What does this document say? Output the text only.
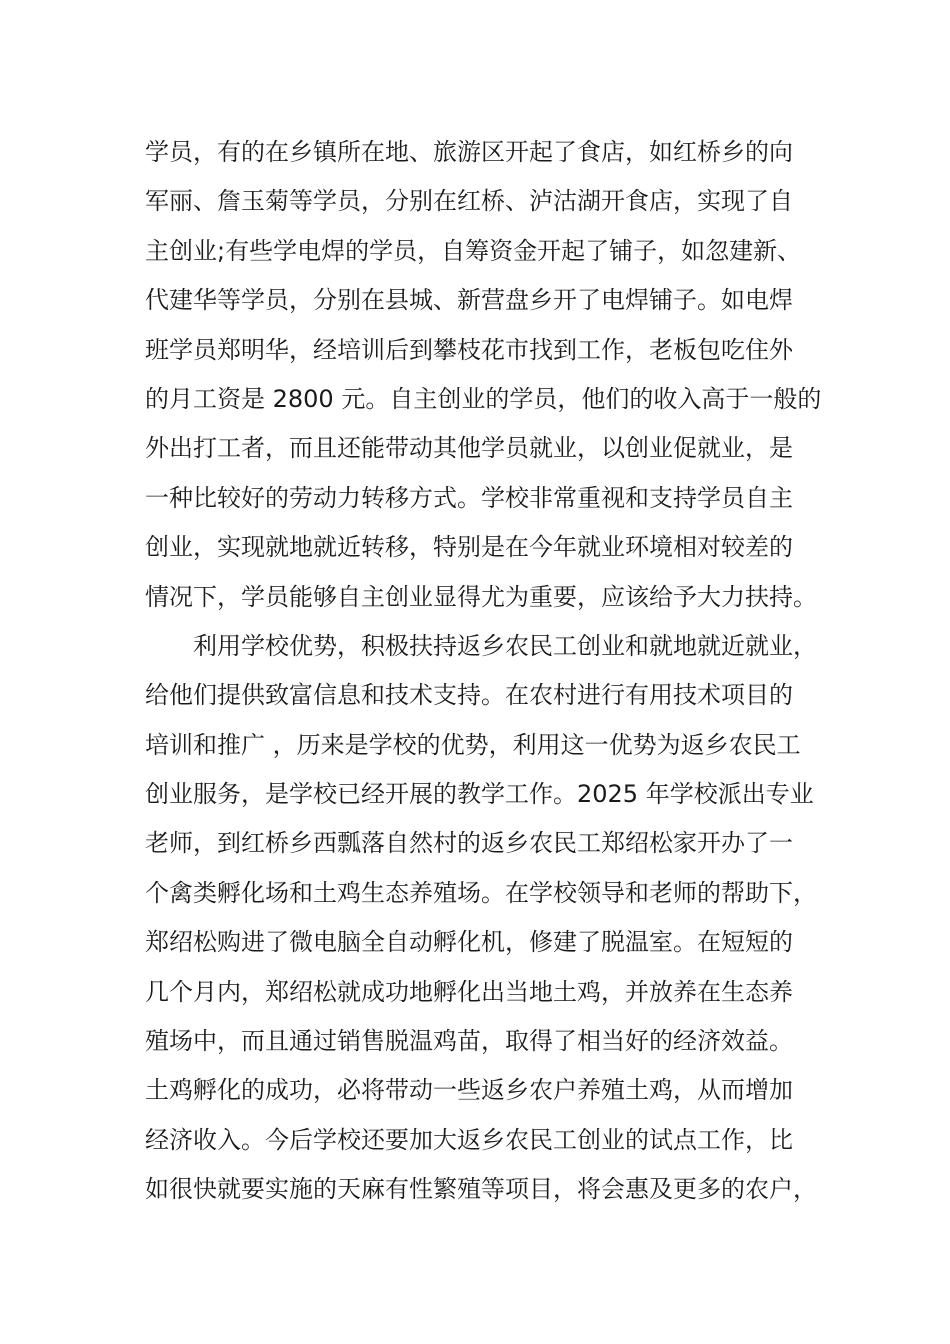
学员，有的在乡镇所在地、旅游区开起了食店，如红桥乡的向
军丽、詹玉菊等学员，分别在红桥、泸沽湖开食店，实现了自
主创业;有些学电焊的学员，自筹资金开起了铺子，如忽建新、
代建华等学员，分别在县城、新营盘乡开了电焊铺子。如电焊
班学员郑明华，经培训后到攀枝花市找到工作，老板包吃住外
的月工资是 2800 元。自主创业的学员，他们的收入高于一般的
外出打工者，而且还能带动其他学员就业，以创业促就业，是
一种比较好的劳动力转移方式。学校非常重视和支持学员自主
创业，实现就地就近转移，特别是在今年就业环境相对较差的
情况下，学员能够自主创业显得尤为重要，应该给予大力扶持。
利用学校优势，积极扶持返乡农民工创业和就地就近就业，
给他们提供致富信息和技术支持。在农村进行有用技术项目的
培训和推广 ，历来是学校的优势，利用这一优势为返乡农民工
创业服务，是学校已经开展的教学工作。2025 年学校派出专业
老师，到红桥乡西瓢落自然村的返乡农民工郑绍松家开办了一
个禽类孵化场和土鸡生态养殖场。在学校领导和老师的帮助下，
郑绍松购进了微电脑全自动孵化机，修建了脱温室。在短短的
几个月内，郑绍松就成功地孵化出当地土鸡，并放养在生态养
殖场中，而且通过销售脱温鸡苗，取得了相当好的经济效益。
土鸡孵化的成功，必将带动一些返乡农户养殖土鸡，从而增加
经济收入。今后学校还要加大返乡农民工创业的试点工作，比
如很快就要实施的天麻有性繁殖等项目，将会惠及更多的农户，
